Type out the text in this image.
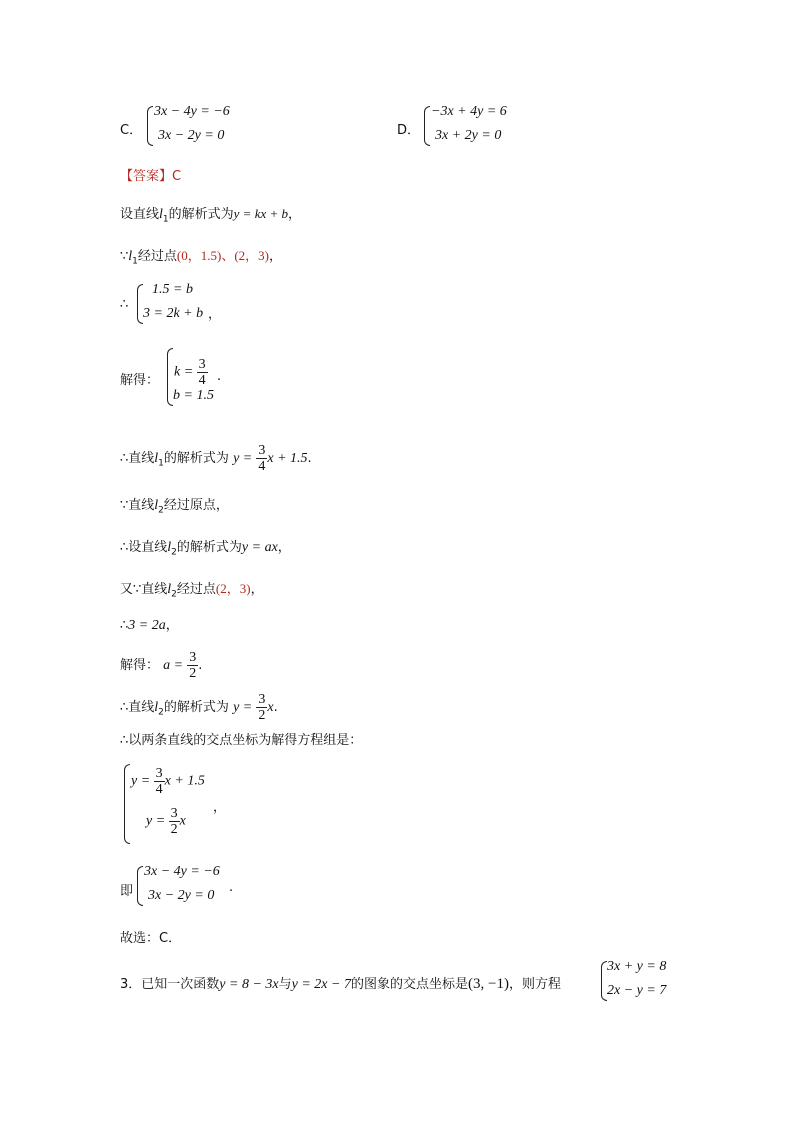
C．
3x − 4y = −6
3x − 2y = 0	D．
−3x + 4y = 6
3x + 2y = 0
【答案】C
设直线$l_1$的解析式为y = kx + b，
$\because l_1$经过点(0，1.5)、(2，3)，
∴
1.5 = b
3 = 2k + b ，
解得：
$k = \frac{3}{4}$
b = 1.5
.
∴直线$l_1$的解析式为 $y = \frac{3}{4}$ x + 1.5.
∵直线$l_2$经过原点，
∴设直线$l_2$的解析式为y = ax，
又∵直线$l_2$经过点(2，3)，
∴3 = 2a，
解得： $a = \frac{3}{2}$ .
∴直线$l_2$的解析式为 $y = \frac{3}{2} x$.
∴以两条直线的交点坐标为解得方程组是：
$y = \frac{3}{4}$ x + 1.5
$y = \frac{3}{2}$ x
，
即
3x − 4y = −6
3x − 2y = 0
.
故选：C．
3．已知一次函数y = 8 − 3x与y = 2x − 7的图象的交点坐标是(3, −1)，则方程
3x + y = 8
2x − y = 7
